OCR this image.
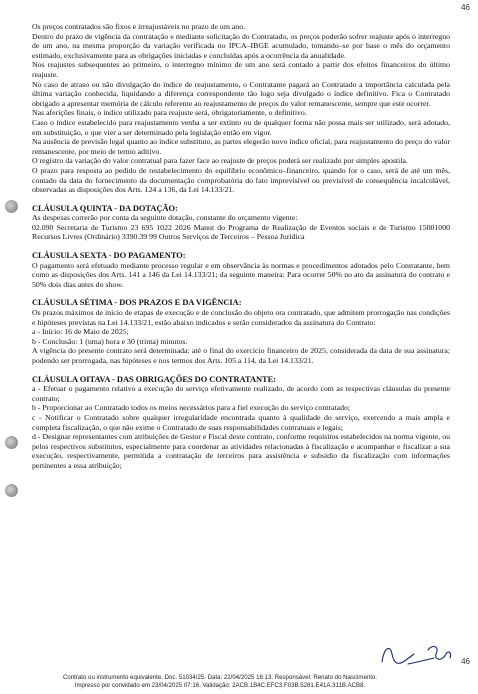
46

Os preços contratados são fixos e irreajustáveis no prazo de um ano.

Dentro do prazo de vigência da contratação e mediante solicitação do Contratado, os preços poderão sofrer reajuste após o interregno de um ano, na mesma proporção da variação verificada no IPCA–IBGE acumulado, tomando–se por base o mês do orçamento estimado, exclusivamente para as obrigações iniciadas e concluídas após a ocorrência da anualidade.

Nos reajustes subsequentes ao primeiro, o interregno mínimo de um ano será contado a partir dos efeitos financeiros do último reajuste.

No caso de atraso ou não divulgação do índice de reajustamento, o Contratante pagará ao Contratado a importância calculada pela última variação conhecida, liquidando a diferença correspondente tão logo seja divulgado o índice definitivo. Fica o Contratado obrigado a apresentar memória de cálculo referente ao reajustamento de preços do valor remanescente, sempre que este ocorrer.

Nas aferições finais, o índice utilizado para reajuste será, obrigatoriamente, o definitivo.

Caso o índice estabelecido para reajustamento venha a ser extinto ou de qualquer forma não possa mais ser utilizado, será adotado, em substituição, o que vier a ser determinado pela legislação então em vigor.

Na ausência de previsão legal quanto ao índice substituto, as partes elegerão novo índice oficial, para reajustamento do preço do valor remanescente, por meio de termo aditivo.

O registro da variação do valor contratual para fazer face ao reajuste de preços poderá ser realizado por simples apostila.

O prazo para resposta ao pedido de restabelecimento do equilíbrio econômico–financeiro, quando for o caso, será de até um mês, contado da data do fornecimento da documentação comprobatória do fato imprevisível ou previsível de consequência incalculável, observadas as disposições dos Arts. 124 a 136, da Lei 14.133/21.

CLÁUSULA QUINTA - DA DOTAÇÃO:

As despesas correrão por conta da seguinte dotação, constante do orçamento vigente:

02.090 Secretaria de Turismo 23 695 1022 2026 Manut do Programa de Realização de Eventos sociais e de Turismo 15001000 Recursos Livres (Ordinário) 3390.39 99 Outros Serviços de Terceiros – Pessoa Jurídica

CLÁUSULA SEXTA - DO PAGAMENTO:

O pagamento será efetuado mediante processo regular e em observância às normas e procedimentos adotados pelo Contratante, bem como as disposições dos Arts. 141 a 146 da Lei 14.133/21; da seguinte maneira: Para ocorrer 50% no ato da assinatura do contrato e 50% dois dias antes do show.

CLÁUSULA SÉTIMA - DOS PRAZOS E DA VIGÊNCIA:

Os prazos máximos de início de etapas de execução e de conclusão do objeto ora contratado, que admitem prorrogação nas condições e hipóteses previstas na Lei 14.133/21, estão abaixo indicados e serão considerados da assinatura do Contrato:

a - Início: 16 de Maio de 2025;

b - Conclusão: 1 (uma) hora e 30 (trinta) minutos.

A vigência do presente contrato será determinada: até o final do exercício financeiro de 2025, considerada da data de sua assinatura; podendo ser prorrogada, nas hipóteses e nos termos dos Arts. 105 a 114, da Lei 14.133/21.

CLÁUSULA OITAVA - DAS OBRIGAÇÕES DO CONTRATANTE:

a - Efetuar o pagamento relativo a execução do serviço efetivamente realizado, de acordo com as respectivas cláusulas do presente contrato;

b - Proporcionar ao Contratado todos os meios necessários para a fiel execução do serviço contratado;

c - Notificar o Contratado sobre qualquer irregularidade encontrada quanto à qualidade do serviço, exercendo a mais ampla e completa fiscalização, o que não exime o Contratado de suas responsabilidades contratuais e legais;

d - Designar representantes com atribuições de Gestor e Fiscal deste contrato, conforme requisitos estabelecidos na norma vigente, ou pelos respectivos substitutos, especialmente para coordenar as atividades relacionadas à fiscalização e acompanhar e fiscalizar a sua execução, respectivamente, permitida a contratação de terceiros para assistência e subsídio da fiscalização com informações pertinentes a essa atribuição;

46
Contrato ou instrumento equivalente. Doc. 51034/25. Data: 22/04/2025 16:13. Responsável: Renato do Nascimento.
Impresso por convidado em 23/04/2025 07:16. Validação: 2ACB.1B4C.EFC3.F03B.5281.E41A.311B.ACB8.
